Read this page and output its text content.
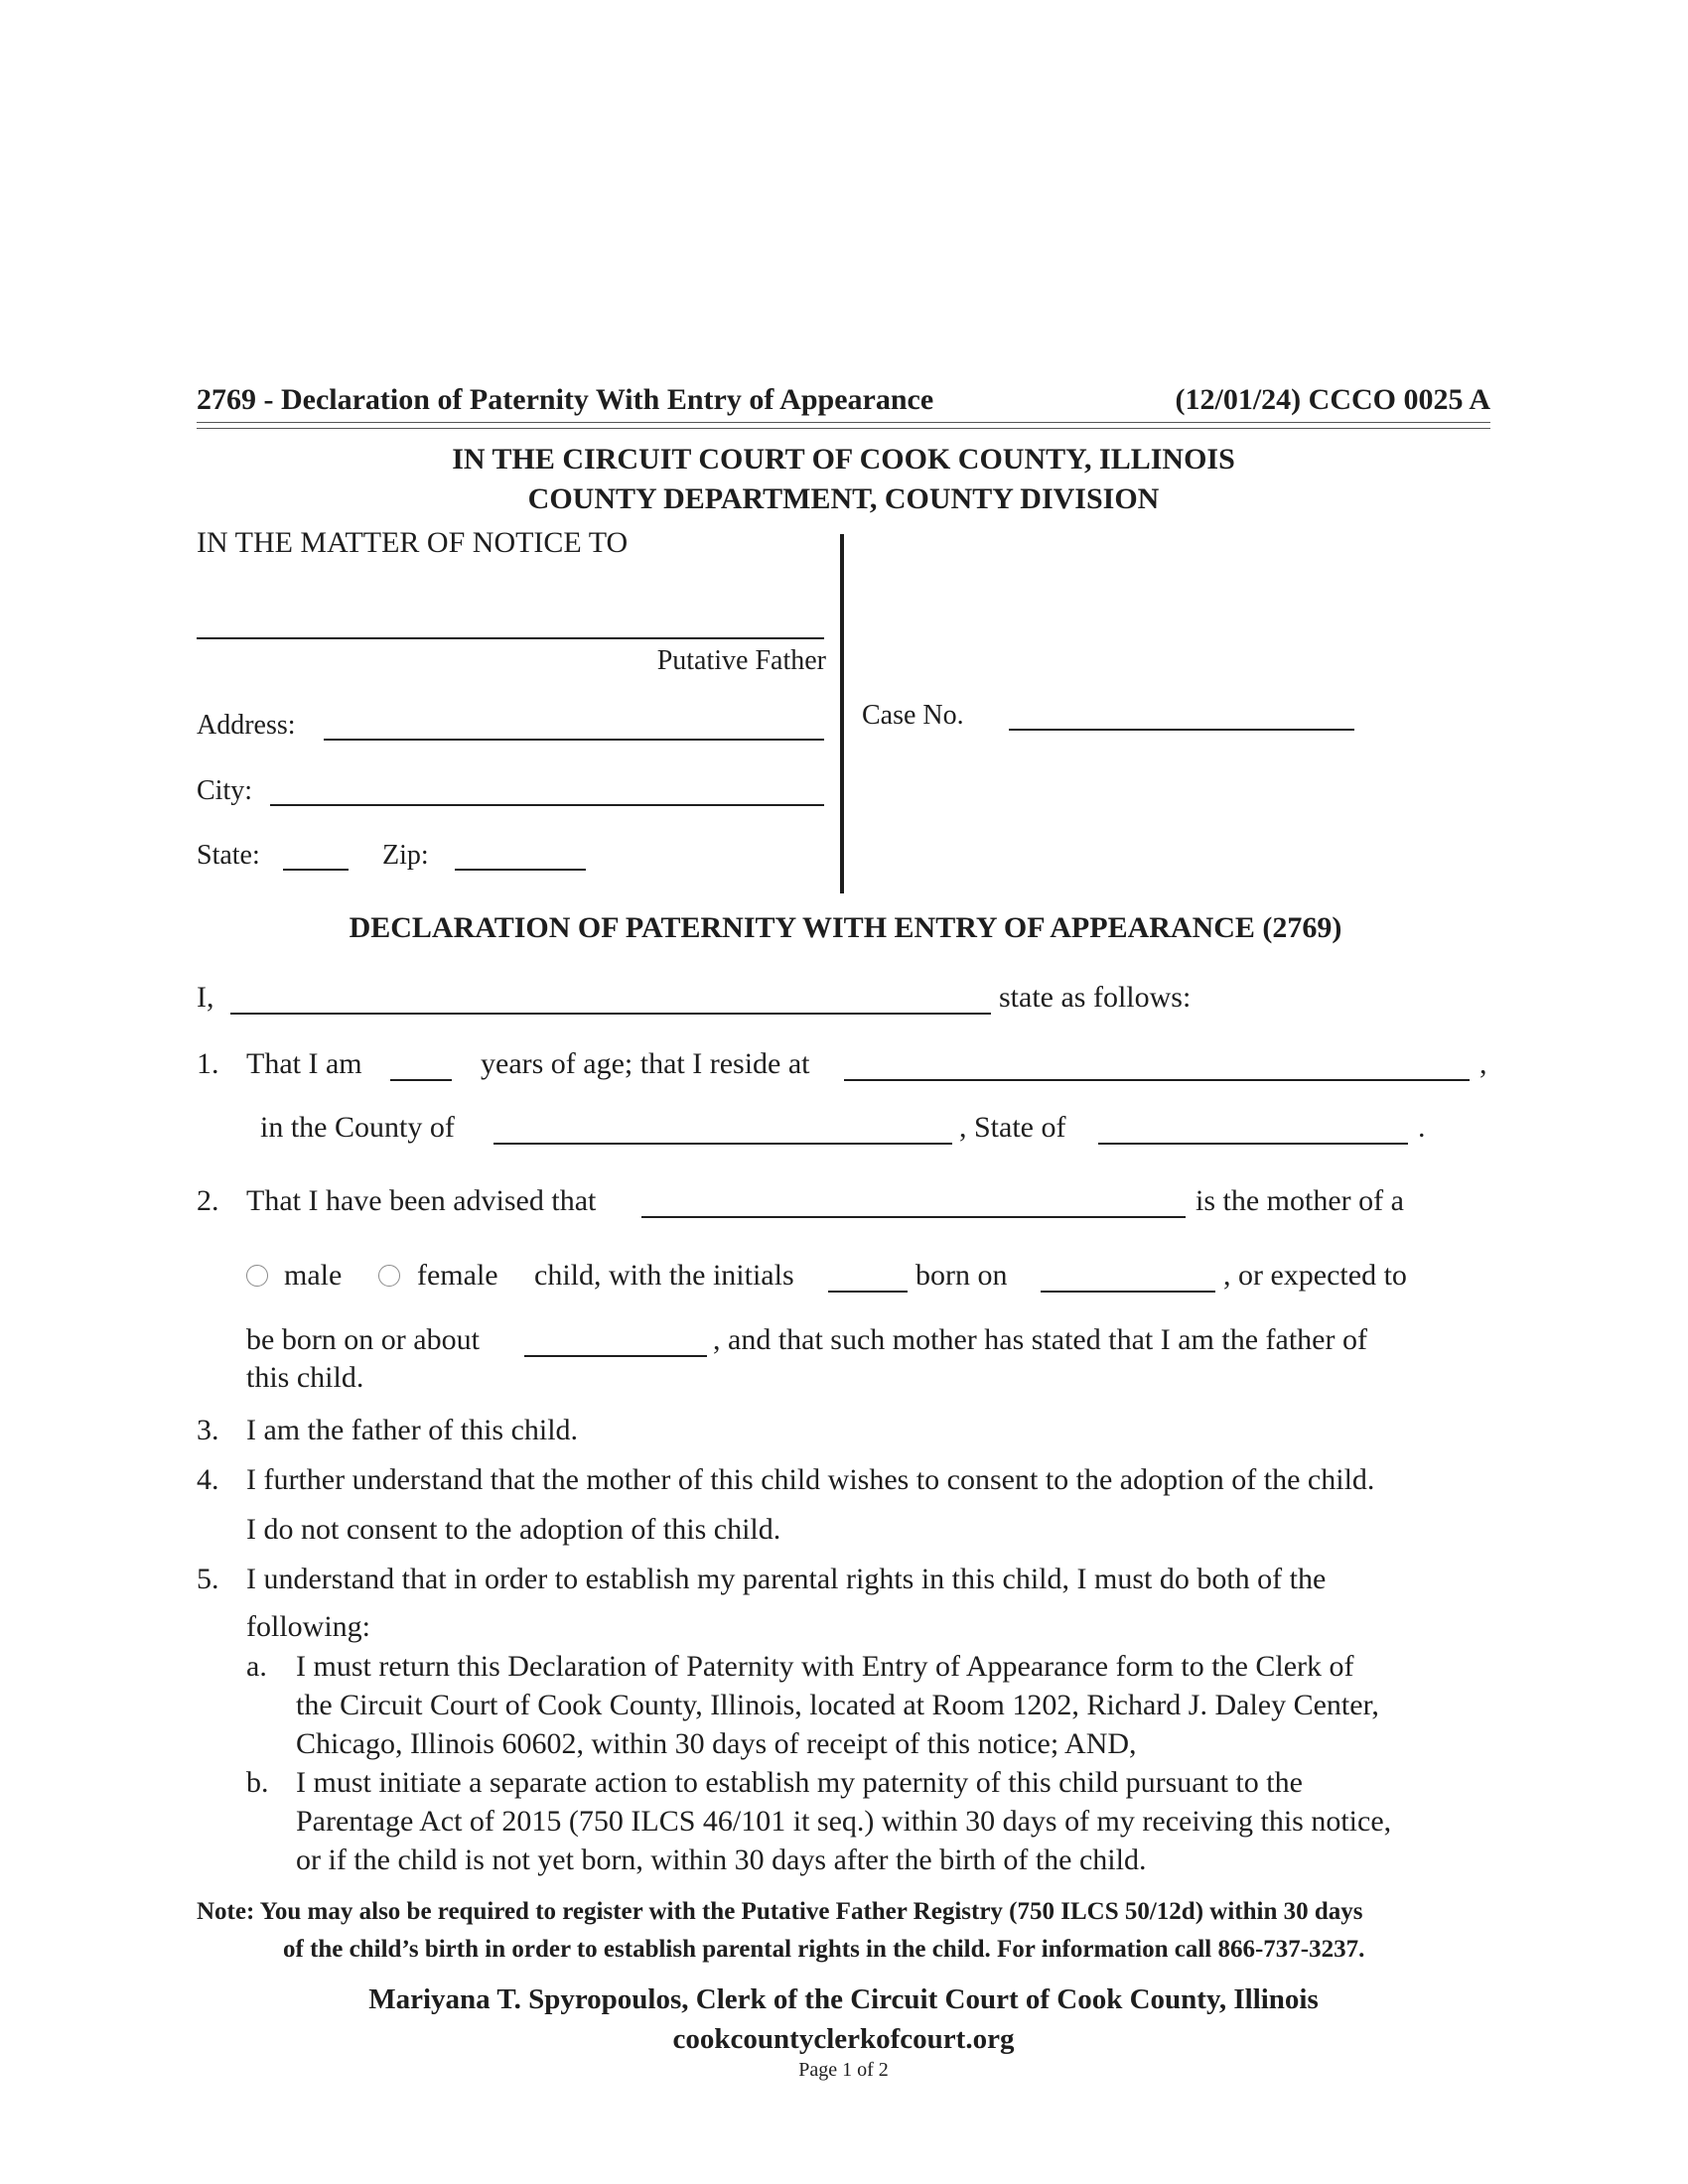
2769 - Declaration of Paternity With Entry of Appearance	(12/01/24) CCCO 0025 A
IN THE CIRCUIT COURT OF COOK COUNTY, ILLINOIS
COUNTY DEPARTMENT, COUNTY DIVISION
IN THE MATTER OF NOTICE TO
Putative Father
Address:
City:
State:	Zip:
Case No.
DECLARATION OF PATERNITY WITH ENTRY OF APPEARANCE (2769)
I,	state as follows:
1. That I am	years of age; that I reside at	,
in the County of	, State of	.
2. That I have been advised that	is the mother of a
male	female child, with the initials	born on	, or expected to
be born on or about	, and that such mother has stated that I am the father of
this child.
3. I am the father of this child.
4. I further understand that the mother of this child wishes to consent to the adoption of the child.
I do not consent to the adoption of this child.
5. I understand that in order to establish my parental rights in this child, I must do both of the
following:
a. I must return this Declaration of Paternity with Entry of Appearance form to the Clerk of
the Circuit Court of Cook County, Illinois, located at Room 1202, Richard J. Daley Center,
Chicago, Illinois 60602, within 30 days of receipt of this notice; AND,
b. I must initiate a separate action to establish my paternity of this child pursuant to the
Parentage Act of 2015 (750 ILCS 46/101 it seq.) within 30 days of my receiving this notice,
or if the child is not yet born, within 30 days after the birth of the child.
Note: You may also be required to register with the Putative Father Registry (750 ILCS 50/12d) within 30 days
of the child’s birth in order to establish parental rights in the child. For information call 866-737-3237.
Mariyana T. Spyropoulos, Clerk of the Circuit Court of Cook County, Illinois
cookcountyclerkofcourt.org
Page 1 of 2
